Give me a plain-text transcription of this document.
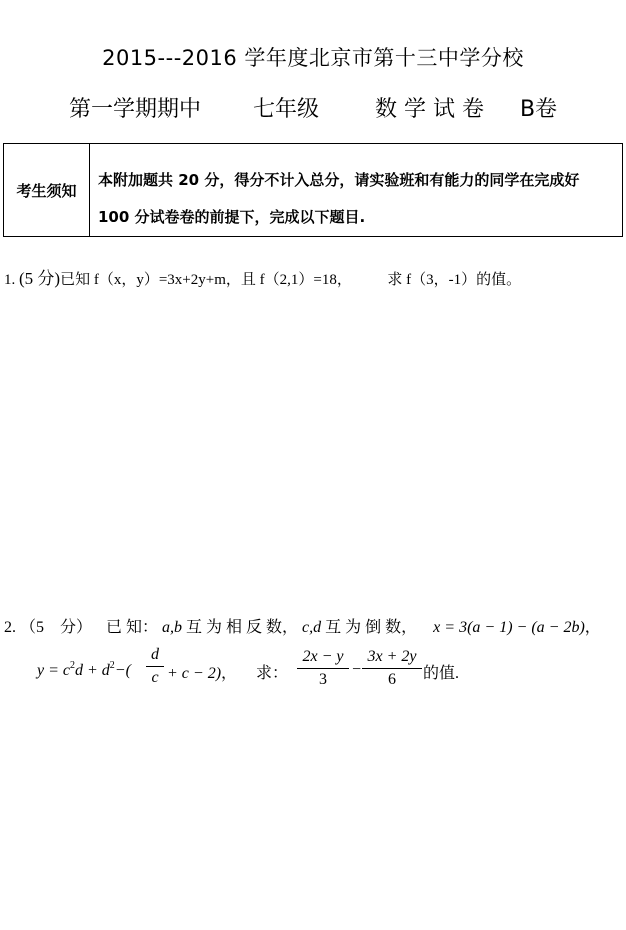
2015---2016 学年度北京市第十三中学分校
第一学期期中 七年级	数 学 试 卷 B卷
考生须知
本附加题共 20 分，得分不计入总分，请实验班和有能力的同学在完成好
100 分试卷卷的前提下，完成以下题目.
1. (5 分)已知 f（x，y）=3x+2y+m，且 f（2,1）=18， 求 f（3，-1）的值。
2. （5　分） 已 知： a,b 互 为 相 反 数， c,d 互 为 倒 数， x = 3(a − 1) − (a − 2b)，
$y = c^2d + d^2-$(
d
c + c − 2)， 求：
2x − y
3
−
3x + 2y
6	的值.
